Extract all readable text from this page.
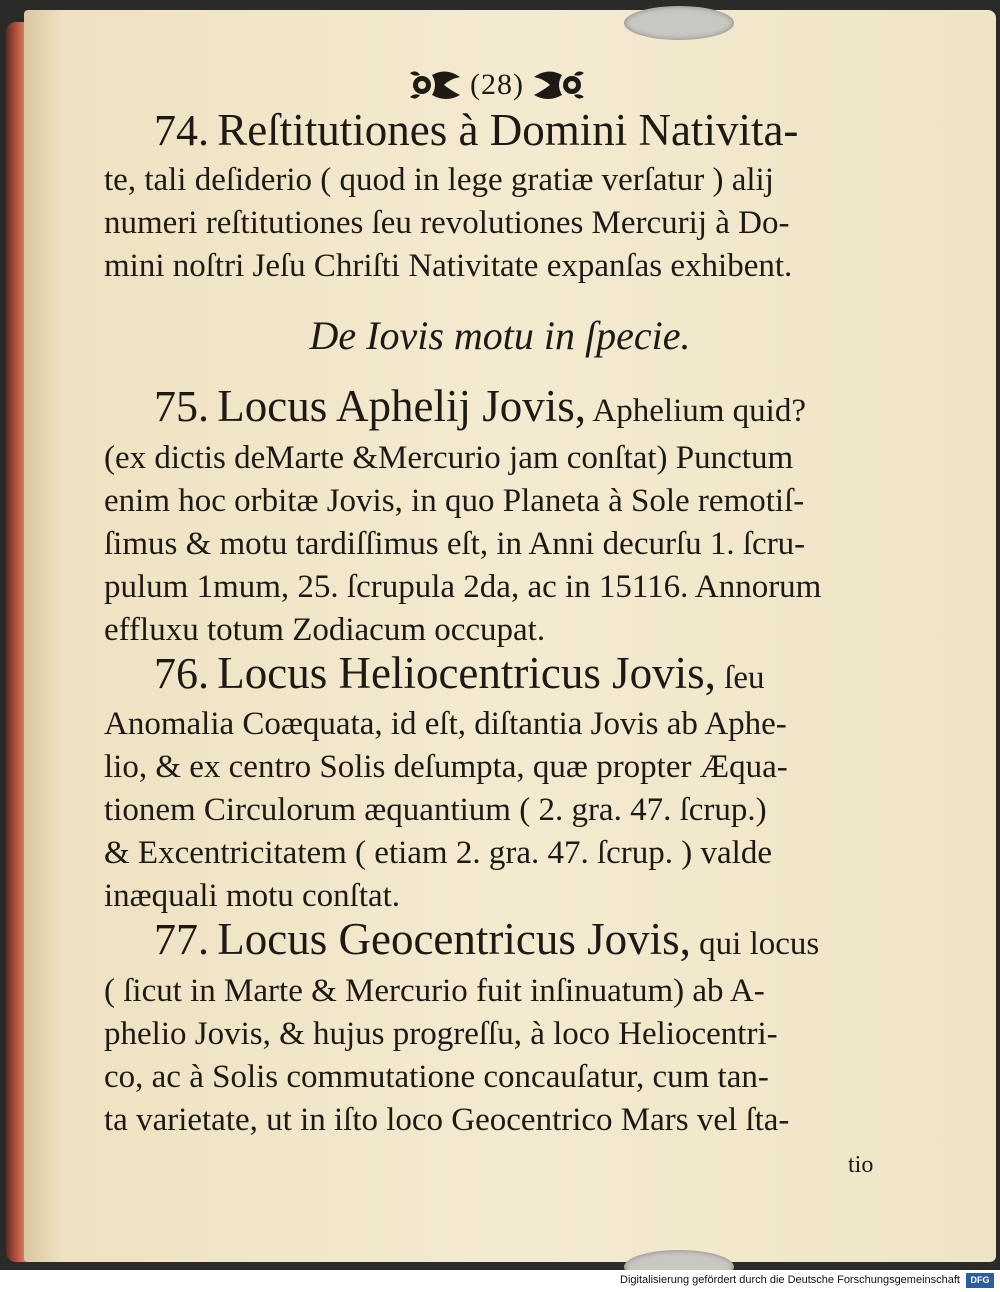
(28)

74. Reſtitutiones à Domini Nativita-

te, tali deſiderio ( quod in lege gratiæ verſatur ) alij

numeri reſtitutiones ſeu revolutiones Mercurij à Do-

mini noſtri Jeſu Chriſti Nativitate expanſas exhibent.

De Iovis motu in ſpecie.

75. Locus Aphelij Jovis, Aphelium quid?

(ex dictis deMarte &Mercurio jam conſtat) Punctum

enim hoc orbitæ Jovis, in quo Planeta à Sole remotiſ-

ſimus & motu tardiſſimus eſt, in Anni decurſu 1. ſcru-

pulum 1mum, 25. ſcrupula 2da, ac in 15116. Annorum

effluxu totum Zodiacum occupat.

76. Locus Heliocentricus Jovis, ſeu

Anomalia Coæquata, id eſt, diſtantia Jovis ab Aphe-

lio, & ex centro Solis deſumpta, quæ propter Æqua-

tionem Circulorum æquantium ( 2. gra. 47. ſcrup.)

& Excentricitatem ( etiam 2. gra. 47. ſcrup. ) valde

inæquali motu conſtat.

77. Locus Geocentricus Jovis, qui locus

( ſicut in Marte & Mercurio fuit inſinuatum) ab A-

phelio Jovis, & hujus progreſſu, à loco Heliocentri-

co, ac à Solis commutatione concauſatur, cum tan-

ta varietate, ut in iſto loco Geocentrico Mars vel ſta-

tio

Digitalisierung gefördert durch die Deutsche Forschungsgemeinschaft	DFG
